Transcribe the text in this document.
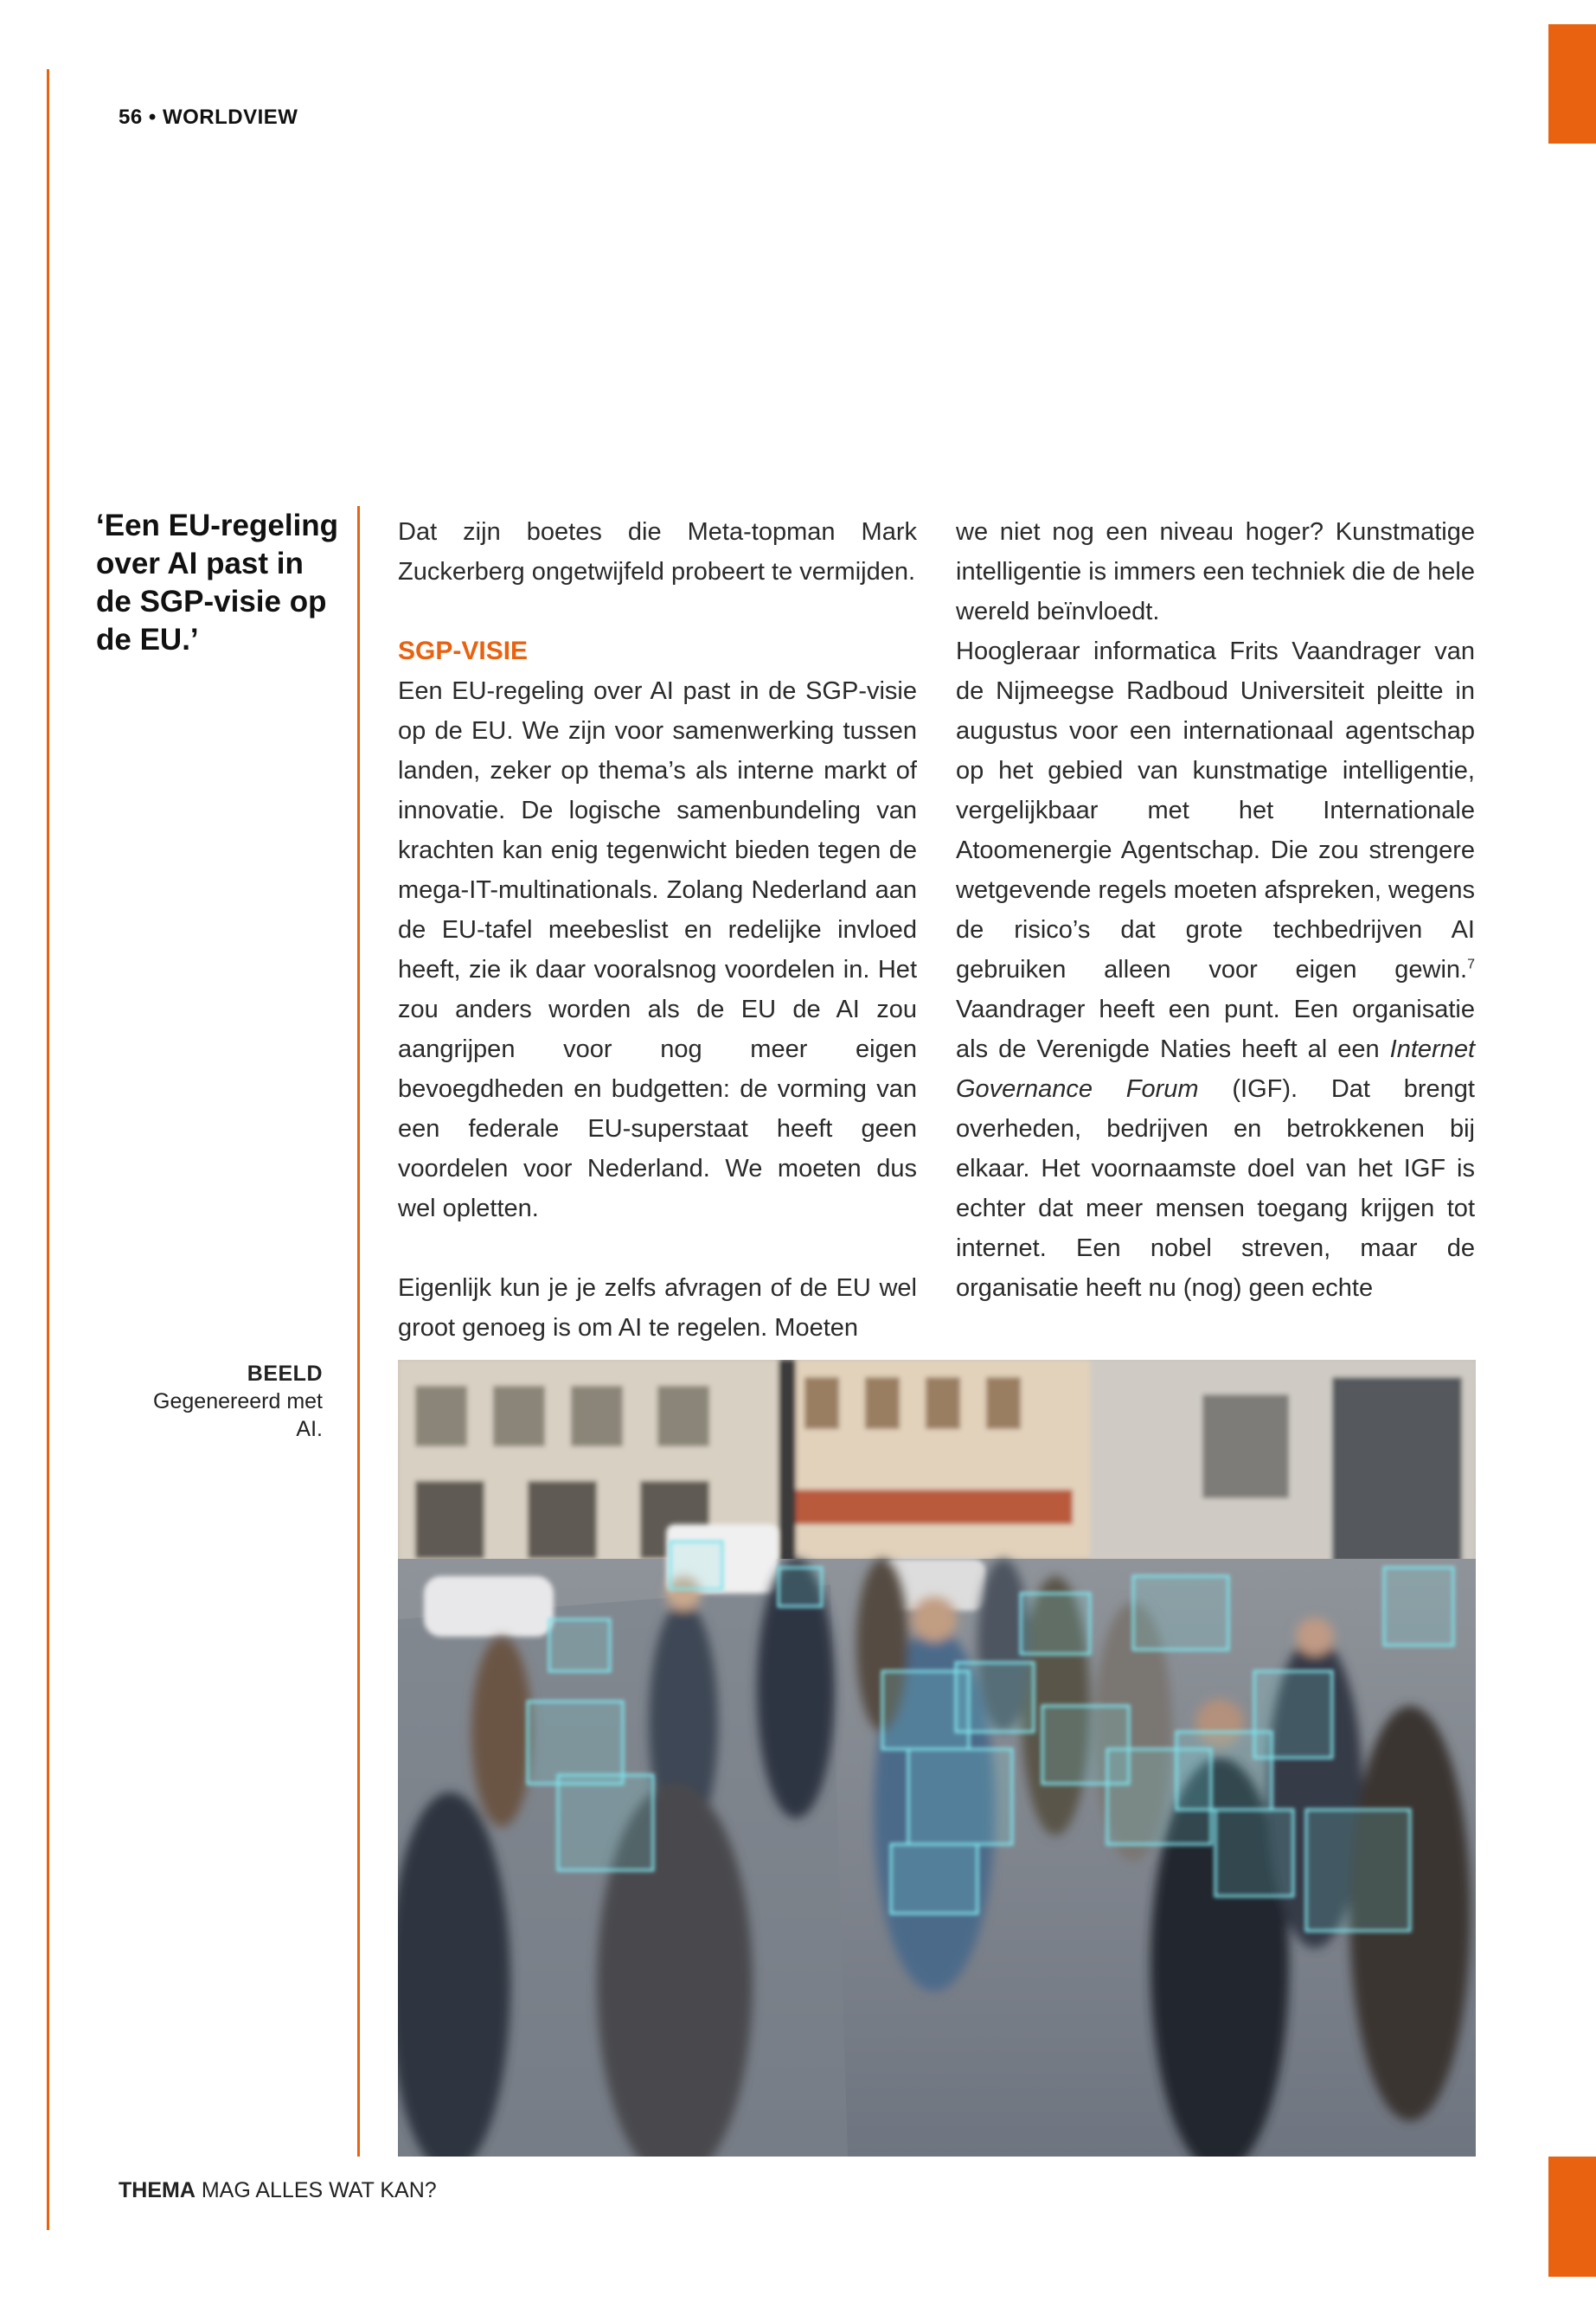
56 • WORLDVIEW
‘Een EU-regeling over AI past in de SGP-visie op de EU.’

Dat zijn boetes die Meta-topman Mark Zuckerberg ongetwijfeld probeert te vermijden.

SGP-VISIE

Een EU-regeling over AI past in de SGP-visie op de EU. We zijn voor samenwerking tussen landen, zeker op thema’s als interne markt of innovatie. De logische samenbundeling van krachten kan enig tegenwicht bieden tegen de mega-IT-multinationals. Zolang Nederland aan de EU-tafel meebeslist en redelijke invloed heeft, zie ik daar vooralsnog voordelen in. Het zou anders worden als de EU de AI zou aangrijpen voor nog meer eigen bevoegdheden en budgetten: de vorming van een federale EU-superstaat heeft geen voordelen voor Nederland. We moeten dus wel opletten.

Eigenlijk kun je je zelfs afvragen of de EU wel groot genoeg is om AI te regelen. Moeten

we niet nog een niveau hoger? Kunstmatige intelligentie is immers een techniek die de hele wereld beïnvloedt.

Hoogleraar informatica Frits Vaandrager van de Nijmeegse Radboud Universiteit pleitte in augustus voor een internationaal agentschap op het gebied van kunstmatige intelligentie, vergelijkbaar met het Internationale Atoomenergie Agentschap. Die zou strengere wetgevende regels moeten afspreken, wegens de risico’s dat grote techbedrijven AI gebruiken alleen voor eigen gewin.$^7$ Vaandrager heeft een punt. Een organisatie als de Verenigde Naties heeft al een Internet Governance Forum (IGF). Dat brengt overheden, bedrijven en betrokkenen bij elkaar. Het voornaamste doel van het IGF is echter dat meer mensen toegang krijgen tot internet. Een nobel streven, maar de organisatie heeft nu (nog) geen echte

BEELD
Gegenereerd met AI.
THEMA MAG ALLES WAT KAN?
